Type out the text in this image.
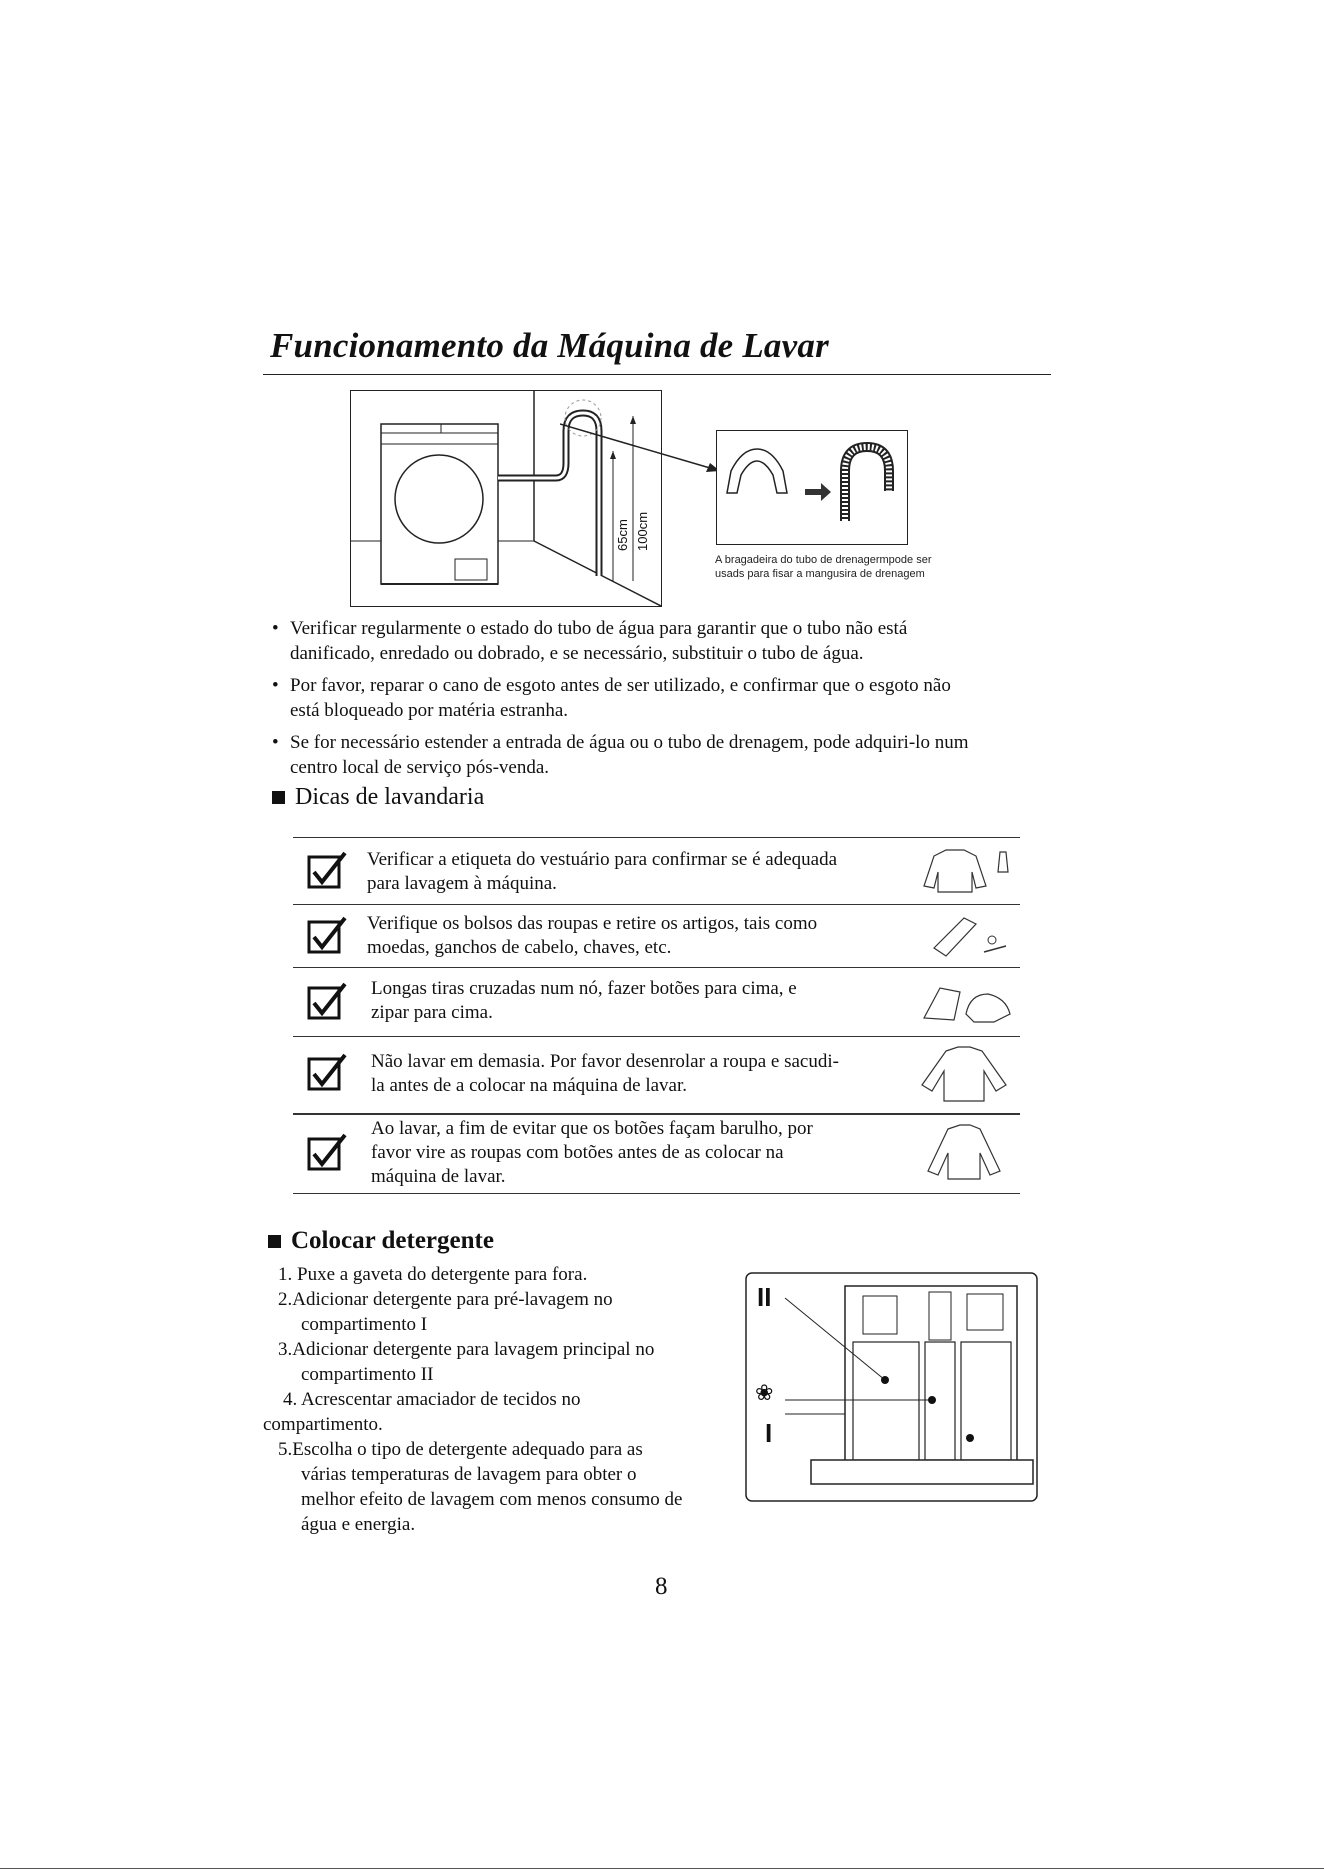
Funcionamento da Máquina de Lavar
65cm 100cm
A bragadeira do tubo de drenagermpode ser
usads para fisar a mangusira de drenagem
• Verificar regularmente o estado do tubo de água para garantir que o tubo não está
danificado, enredado ou dobrado, e se necessário, substituir o tubo de água.
• Por favor, reparar o cano de esgoto antes de ser utilizado, e confirmar que o esgoto não
está bloqueado por matéria estranha.
• Se for necessário estender a entrada de água ou o tubo de drenagem, pode adquiri-lo num
centro local de serviço pós-venda.
Dicas de lavandaria
Verificar a etiqueta do vestuário para confirmar se é adequada
para lavagem à máquina.
Verifique os bolsos das roupas e retire os artigos, tais como
moedas, ganchos de cabelo, chaves, etc.
Longas tiras cruzadas num nó, fazer botões para cima, e
zipar para cima.
Não lavar em demasia. Por favor desenrolar a roupa e sacudi-
la antes de a colocar na máquina de lavar.
Ao lavar, a fim de evitar que os botões façam barulho, por
favor vire as roupas com botões antes de as colocar na
máquina de lavar.
Colocar detergente

1. Puxe a gaveta do detergente para fora.

2.Adicionar detergente para pré-lavagem no

compartimento I

3.Adicionar detergente para lavagem principal no

compartimento II

4. Acrescentar amaciador de tecidos no

compartimento.

5.Escolha o tipo de detergente adequado para as

várias temperaturas de lavagem para obter o

melhor efeito de lavagem com menos consumo de

água e energia.

II
❀
I
8
